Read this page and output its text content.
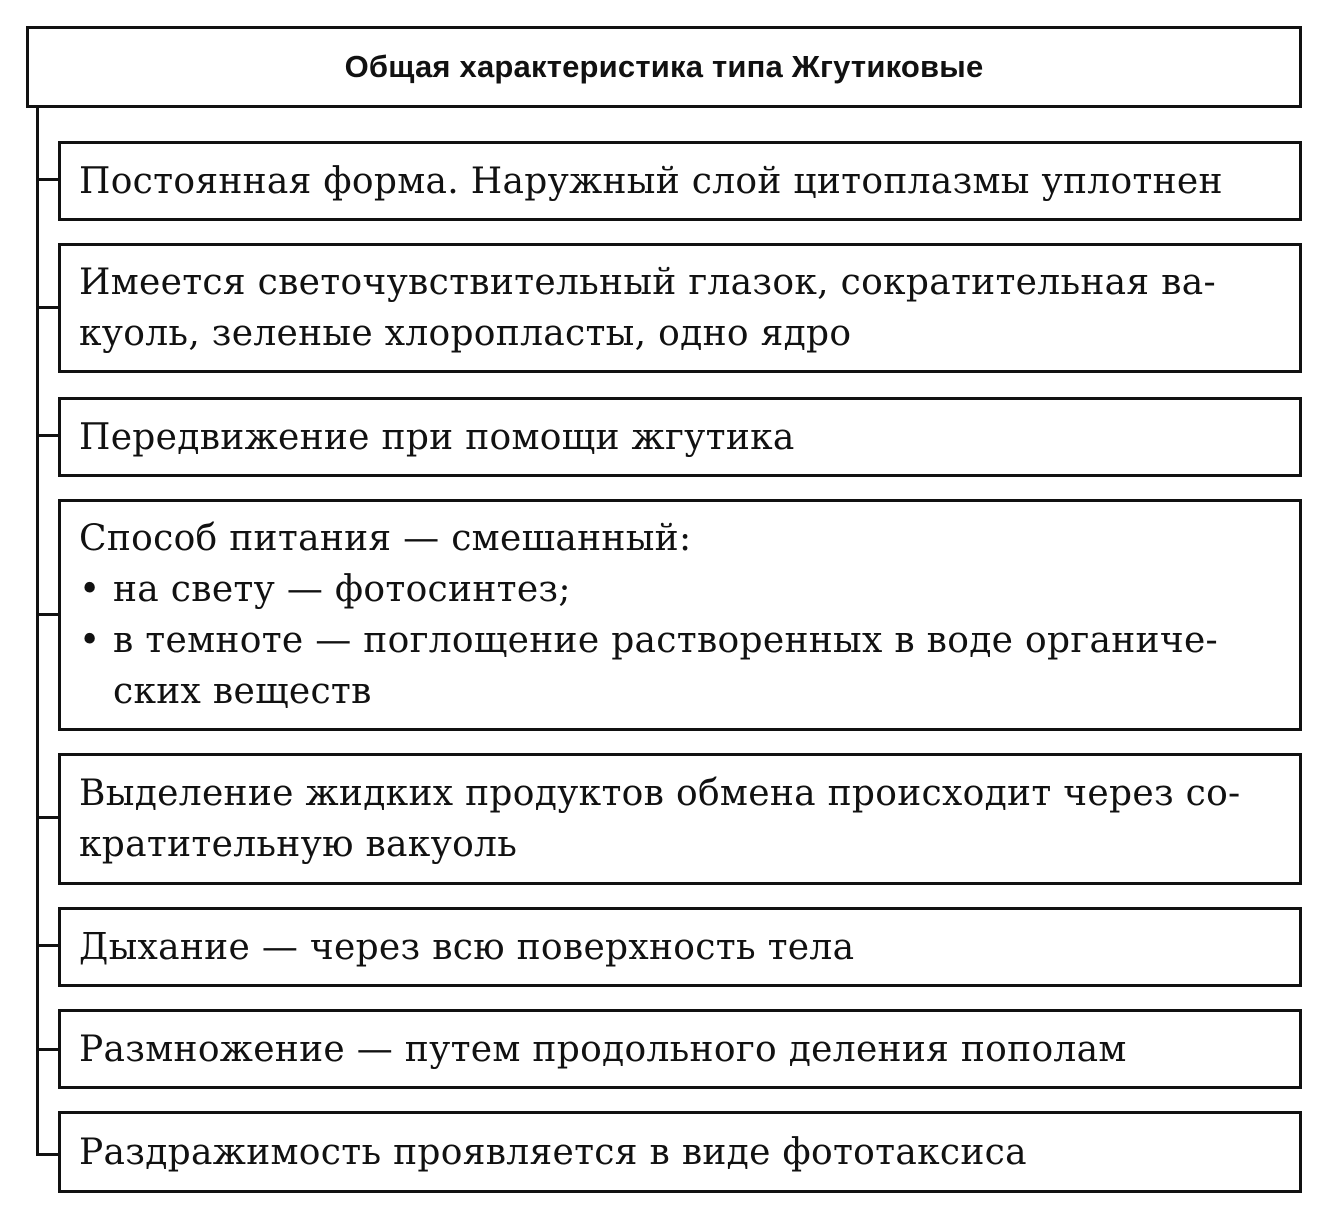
Общая характеристика типа Жгутиковые
Постоянная форма. Наружный слой цитоплазмы уплотнен
Имеется светочувствительный глазок, сократительная ва-
куоль, зеленые хлоропласты, одно ядро
Передвижение при помощи жгутика
Способ питания — смешанный:
• на свету — фотосинтез;
• в темноте — поглощение растворенных в воде органиче-
ских веществ
Выделение жидких продуктов обмена происходит через со-
кратительную вакуоль
Дыхание — через всю поверхность тела
Размножение — путем продольного деления пополам
Раздражимость проявляется в виде фототаксиса
